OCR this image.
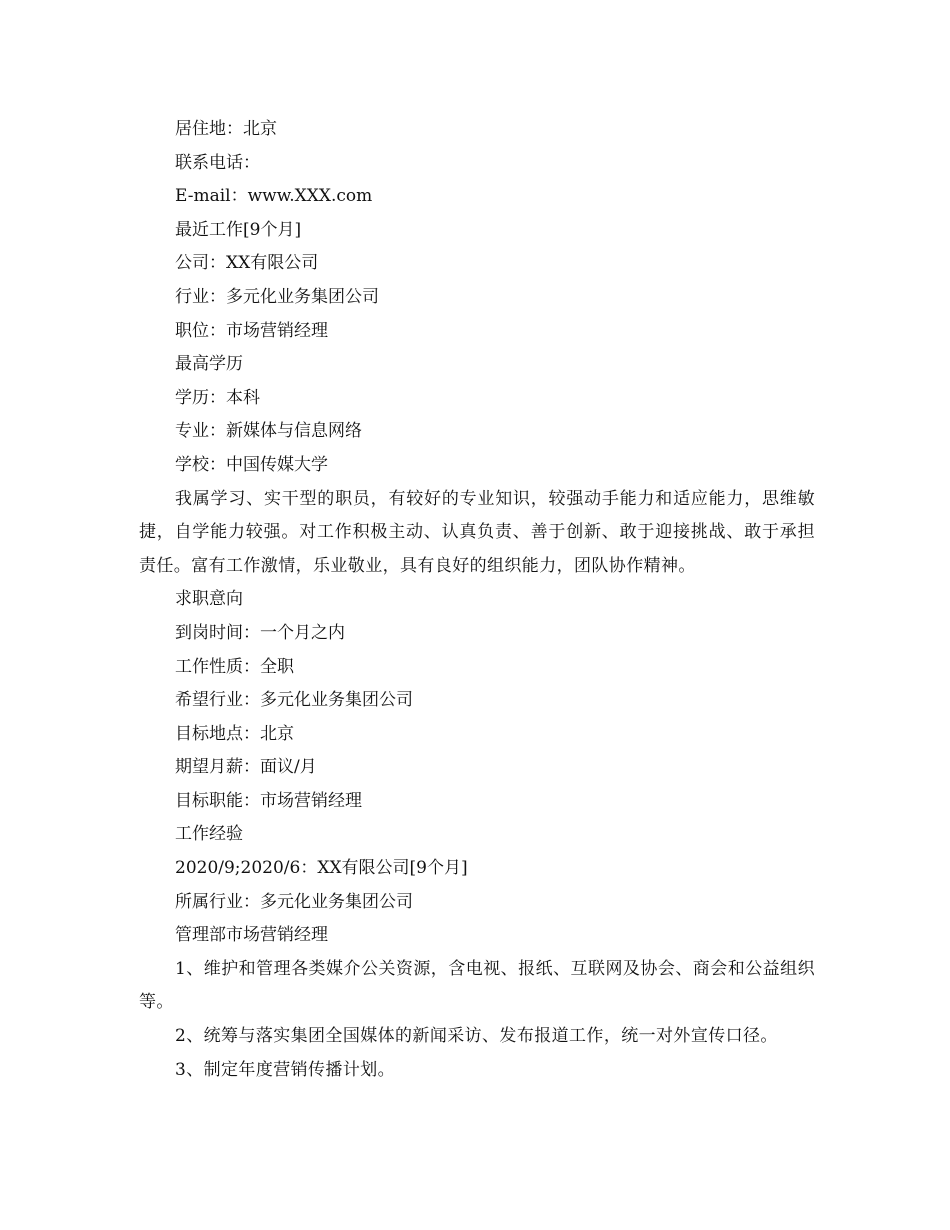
居住地：北京
联系电话：
E-mail：www.XXX.com
最近工作[9个月]
公司：XX有限公司
行业：多元化业务集团公司
职位：市场营销经理
最高学历
学历：本科
专业：新媒体与信息网络
学校：中国传媒大学
我属学习、实干型的职员，有较好的专业知识，较强动手能力和适应能力，思维敏捷，自学能力较强。对工作积极主动、认真负责、善于创新、敢于迎接挑战、敢于承担责任。富有工作激情，乐业敬业，具有良好的组织能力，团队协作精神。
求职意向
到岗时间：一个月之内
工作性质：全职
希望行业：多元化业务集团公司
目标地点：北京
期望月薪：面议/月
目标职能：市场营销经理
工作经验
2020/9;2020/6：XX有限公司[9个月]
所属行业：多元化业务集团公司
管理部市场营销经理
1、维护和管理各类媒介公关资源，含电视、报纸、互联网及协会、商会和公益组织等。
2、统筹与落实集团全国媒体的新闻采访、发布报道工作，统一对外宣传口径。
3、制定年度营销传播计划。
